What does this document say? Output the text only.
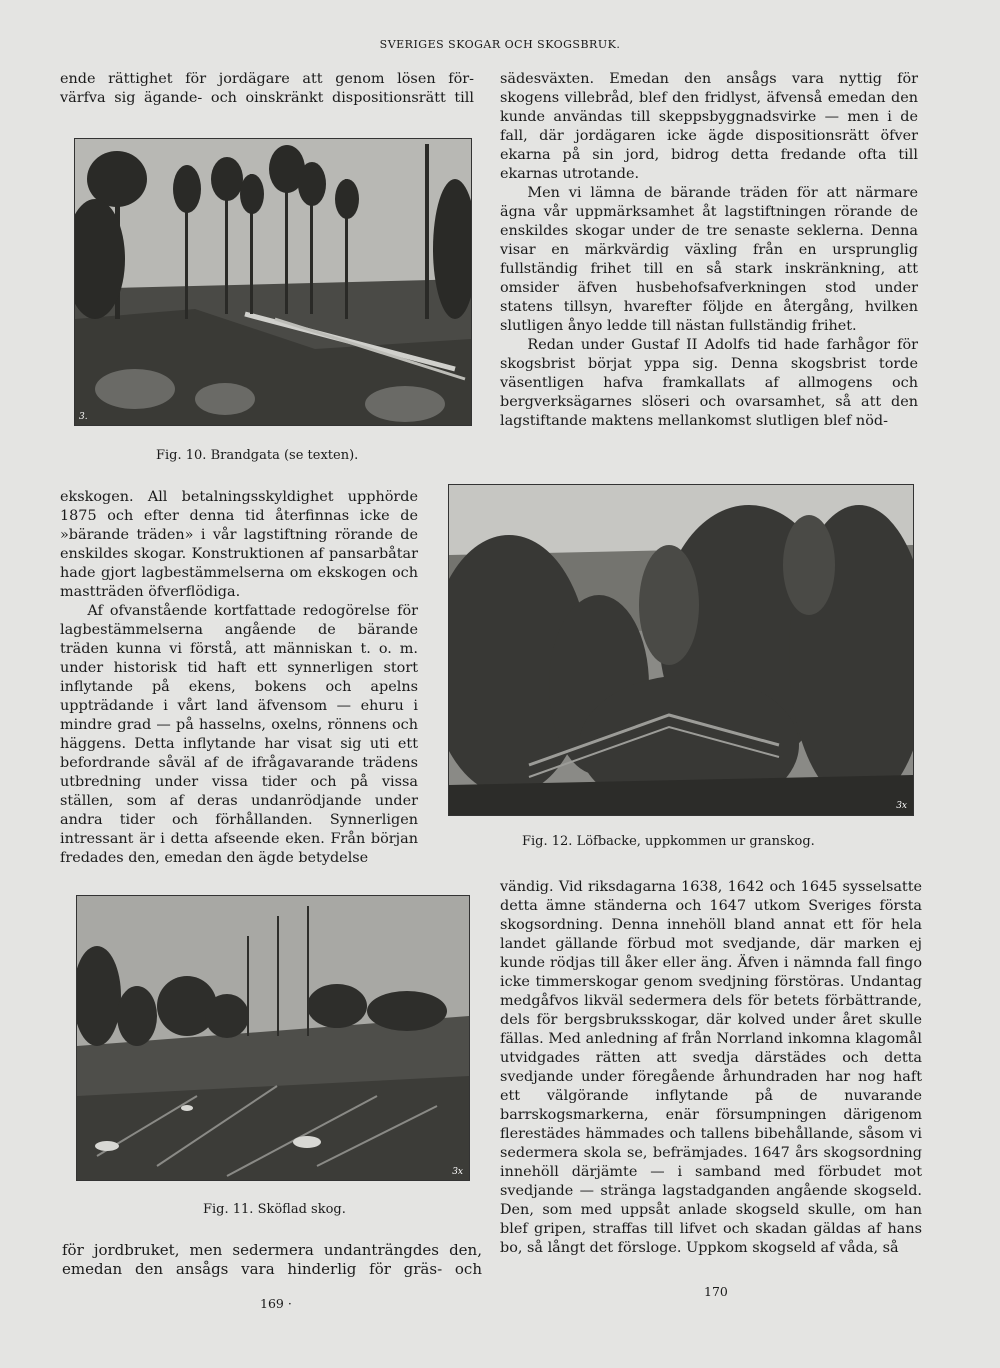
SVERIGES SKOGAR OCH SKOGSBRUK.
ende rättighet för jordägare att genom lösen för-
värfva sig ägande- och oinskränkt dispositionsrätt till
3.
Fig. 10. Brandgata (se texten).

ekskogen. All betalningsskyldighet upphörde 1875 och efter denna tid återfinnas icke de »bärande träden» i vår lagstiftning rörande de enskildes skogar. Konstruktionen af pansarbåtar hade gjort lagbestämmelserna om ekskogen och mastträden öfverflödiga.

Af ofvanstående kortfattade redogörelse för lagbestämmelserna angående de bärande träden kunna vi förstå, att människan t. o. m. under historisk tid haft ett synnerligen stort inflytande på ekens, bokens och apelns uppträdande i vårt land äfvensom — ehuru i mindre grad — på hasselns, oxelns, rönnens och häggens. Detta inflytande har visat sig uti ett befordrande såväl af de ifrågavarande trädens utbredning under vissa tider och på vissa ställen, som af deras undanrödjande under andra tider och förhållanden. Synnerligen intressant är i detta afseende eken. Från början fredades den, emedan den ägde betydelse

3x
Fig. 11. Sköflad skog.
för jordbruket, men sedermera undanträngdes den,
emedan den ansågs vara hinderlig för gräs- och
169 ·

sädesväxten. Emedan den ansågs vara nyttig för skogens villebråd, blef den fridlyst, äfvenså emedan den kunde användas till skeppsbyggnadsvirke — men i de fall, där jordägaren icke ägde dispositionsrätt öfver ekarna på sin jord, bidrog detta fredande ofta till ekarnas utrotande.

Men vi lämna de bärande träden för att närmare ägna vår uppmärksamhet åt lagstiftningen rörande de enskildes skogar under de tre senaste seklerna. Denna visar en märkvärdig växling från en ursprunglig fullständig frihet till en så stark inskränkning, att omsider äfven husbehofsafverkningen stod under statens tillsyn, hvarefter följde en återgång, hvilken slutligen ånyo ledde till nästan fullständig frihet.

Redan under Gustaf II Adolfs tid hade farhågor för skogsbrist börjat yppa sig. Denna skogsbrist torde väsentligen hafva framkallats af allmogens och bergverksägarnes slöseri och ovarsamhet, så att den lagstiftande maktens mellankomst slutligen blef nöd-

3x
Fig. 12. Löfbacke, uppkommen ur granskog.

vändig. Vid riksdagarna 1638, 1642 och 1645 sysselsatte detta ämne ständerna och 1647 utkom Sveriges första skogsordning. Denna innehöll bland annat ett för hela landet gällande förbud mot svedjande, där marken ej kunde rödjas till åker eller äng. Äfven i nämnda fall fingo icke timmerskogar genom svedjning förstöras. Undantag medgåfvos likväl sedermera dels för betets förbättrande, dels för bergsbruksskogar, där kolved under året skulle fällas. Med anledning af från Norrland inkomna klagomål utvidgades rätten att svedja därstädes och detta svedjande under föregående århundraden har nog haft ett välgörande inflytande på de nuvarande barrskogsmarkerna, enär försumpningen därigenom flerestädes hämmades och tallens bibehållande, såsom vi sedermera skola se, befrämjades. 1647 års skogsordning innehöll därjämte — i samband med förbudet mot svedjande — stränga lagstadganden angående skogseld. Den, som med uppsåt anlade skogseld skulle, om han blef gripen, straffas till lifvet och skadan gäldas af hans bo, så långt det försloge. Uppkom skogseld af våda, så

170
